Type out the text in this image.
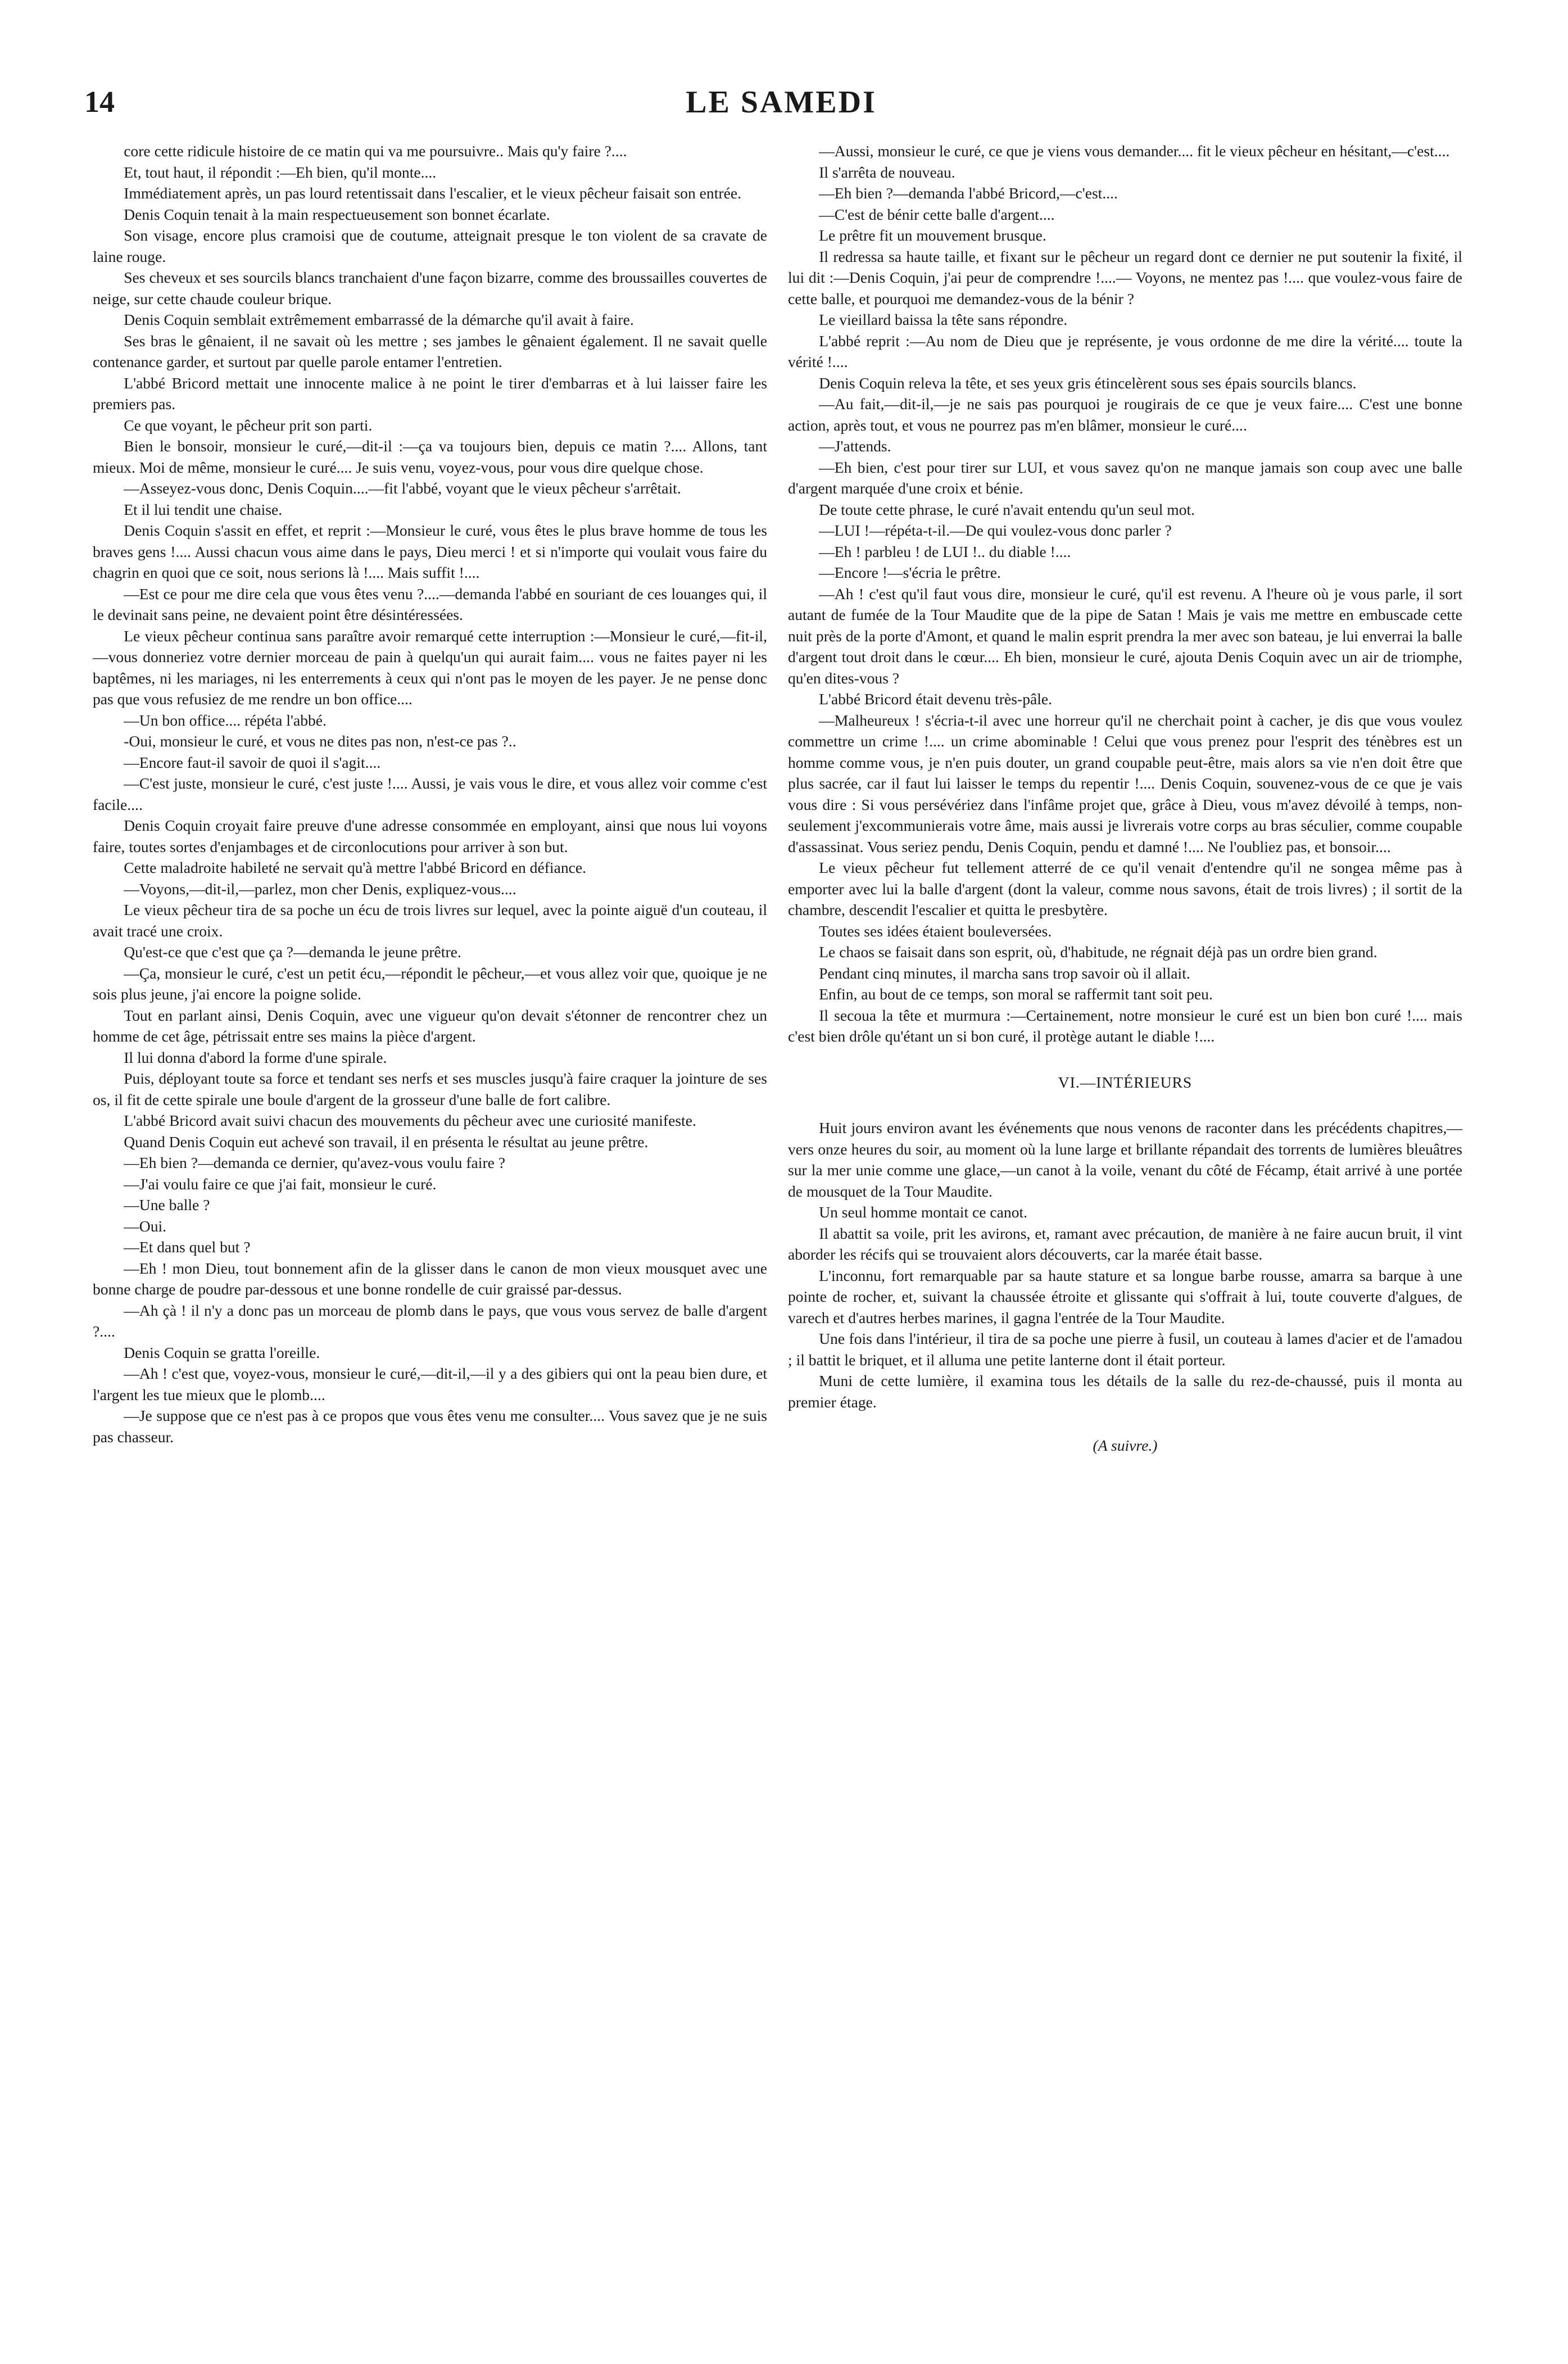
14	LE SAMEDI

core cette ridicule histoire de ce matin qui va me poursuivre.. Mais qu'y faire ?....

Et, tout haut, il répondit :—Eh bien, qu'il monte....

Immédiatement après, un pas lourd retentissait dans l'escalier, et le vieux pêcheur faisait son entrée.

Denis Coquin tenait à la main respectueusement son bonnet écarlate.

Son visage, encore plus cramoisi que de coutume, atteignait presque le ton violent de sa cravate de laine rouge.

Ses cheveux et ses sourcils blancs tranchaient d'une façon bizarre, comme des broussailles couvertes de neige, sur cette chaude couleur brique.

Denis Coquin semblait extrêmement embarrassé de la démarche qu'il avait à faire.

Ses bras le gênaient, il ne savait où les mettre ; ses jambes le gênaient également. Il ne savait quelle contenance garder, et surtout par quelle parole entamer l'entretien.

L'abbé Bricord mettait une innocente malice à ne point le tirer d'embarras et à lui laisser faire les premiers pas.

Ce que voyant, le pêcheur prit son parti.

Bien le bonsoir, monsieur le curé,—dit-il :—ça va toujours bien, depuis ce matin ?.... Allons, tant mieux. Moi de même, monsieur le curé.... Je suis venu, voyez-vous, pour vous dire quelque chose.

—Asseyez-vous donc, Denis Coquin....—fit l'abbé, voyant que le vieux pêcheur s'arrêtait.

Et il lui tendit une chaise.

Denis Coquin s'assit en effet, et reprit :—Monsieur le curé, vous êtes le plus brave homme de tous les braves gens !.... Aussi chacun vous aime dans le pays, Dieu merci ! et si n'importe qui voulait vous faire du chagrin en quoi que ce soit, nous serions là !.... Mais suffit !....

—Est ce pour me dire cela que vous êtes venu ?....—demanda l'abbé en souriant de ces louanges qui, il le devinait sans peine, ne devaient point être désintéressées.

Le vieux pêcheur continua sans paraître avoir remarqué cette interruption :—Monsieur le curé,—fit-il,—vous donneriez votre dernier morceau de pain à quelqu'un qui aurait faim.... vous ne faites payer ni les baptêmes, ni les mariages, ni les enterrements à ceux qui n'ont pas le moyen de les payer. Je ne pense donc pas que vous refusiez de me rendre un bon office....

—Un bon office.... répéta l'abbé.

-Oui, monsieur le curé, et vous ne dites pas non, n'est-ce pas ?..

—Encore faut-il savoir de quoi il s'agit....

—C'est juste, monsieur le curé, c'est juste !.... Aussi, je vais vous le dire, et vous allez voir comme c'est facile....

Denis Coquin croyait faire preuve d'une adresse consommée en employant, ainsi que nous lui voyons faire, toutes sortes d'enjambages et de circonlocutions pour arriver à son but.

Cette maladroite habileté ne servait qu'à mettre l'abbé Bricord en défiance.

—Voyons,—dit-il,—parlez, mon cher Denis, expliquez-vous....

Le vieux pêcheur tira de sa poche un écu de trois livres sur lequel, avec la pointe aiguë d'un couteau, il avait tracé une croix.

Qu'est-ce que c'est que ça ?—demanda le jeune prêtre.

—Ça, monsieur le curé, c'est un petit écu,—répondit le pêcheur,—et vous allez voir que, quoique je ne sois plus jeune, j'ai encore la poigne solide.

Tout en parlant ainsi, Denis Coquin, avec une vigueur qu'on devait s'étonner de rencontrer chez un homme de cet âge, pétrissait entre ses mains la pièce d'argent.

Il lui donna d'abord la forme d'une spirale.

Puis, déployant toute sa force et tendant ses nerfs et ses muscles jusqu'à faire craquer la jointure de ses os, il fit de cette spirale une boule d'argent de la grosseur d'une balle de fort calibre.

L'abbé Bricord avait suivi chacun des mouvements du pêcheur avec une curiosité manifeste.

Quand Denis Coquin eut achevé son travail, il en présenta le résultat au jeune prêtre.

—Eh bien ?—demanda ce dernier, qu'avez-vous voulu faire ?

—J'ai voulu faire ce que j'ai fait, monsieur le curé.

—Une balle ?

—Oui.

—Et dans quel but ?

—Eh ! mon Dieu, tout bonnement afin de la glisser dans le canon de mon vieux mousquet avec une bonne charge de poudre par-dessous et une bonne rondelle de cuir graissé par-dessus.

—Ah çà ! il n'y a donc pas un morceau de plomb dans le pays, que vous vous servez de balle d'argent ?....

Denis Coquin se gratta l'oreille.

—Ah ! c'est que, voyez-vous, monsieur le curé,—dit-il,—il y a des gibiers qui ont la peau bien dure, et l'argent les tue mieux que le plomb....

—Je suppose que ce n'est pas à ce propos que vous êtes venu me consulter.... Vous savez que je ne suis pas chasseur.

—Aussi, monsieur le curé, ce que je viens vous demander.... fit le vieux pêcheur en hésitant,—c'est....

Il s'arrêta de nouveau.

—Eh bien ?—demanda l'abbé Bricord,—c'est....

—C'est de bénir cette balle d'argent....

Le prêtre fit un mouvement brusque.

Il redressa sa haute taille, et fixant sur le pêcheur un regard dont ce dernier ne put soutenir la fixité, il lui dit :—Denis Coquin, j'ai peur de comprendre !....— Voyons, ne mentez pas !.... que voulez-vous faire de cette balle, et pourquoi me demandez-vous de la bénir ?

Le vieillard baissa la tête sans répondre.

L'abbé reprit :—Au nom de Dieu que je représente, je vous ordonne de me dire la vérité.... toute la vérité !....

Denis Coquin releva la tête, et ses yeux gris étincelèrent sous ses épais sourcils blancs.

—Au fait,—dit-il,—je ne sais pas pourquoi je rougirais de ce que je veux faire.... C'est une bonne action, après tout, et vous ne pourrez pas m'en blâmer, monsieur le curé....

—J'attends.

—Eh bien, c'est pour tirer sur LUI, et vous savez qu'on ne manque jamais son coup avec une balle d'argent marquée d'une croix et bénie.

De toute cette phrase, le curé n'avait entendu qu'un seul mot.

—LUI !—répéta-t-il.—De qui voulez-vous donc parler ?

—Eh ! parbleu ! de LUI !.. du diable !....

—Encore !—s'écria le prêtre.

—Ah ! c'est qu'il faut vous dire, monsieur le curé, qu'il est revenu. A l'heure où je vous parle, il sort autant de fumée de la Tour Maudite que de la pipe de Satan ! Mais je vais me mettre en embuscade cette nuit près de la porte d'Amont, et quand le malin esprit prendra la mer avec son bateau, je lui enverrai la balle d'argent tout droit dans le cœur.... Eh bien, monsieur le curé, ajouta Denis Coquin avec un air de triomphe, qu'en dites-vous ?

L'abbé Bricord était devenu très-pâle.

—Malheureux ! s'écria-t-il avec une horreur qu'il ne cherchait point à cacher, je dis que vous voulez commettre un crime !.... un crime abominable ! Celui que vous prenez pour l'esprit des ténèbres est un homme comme vous, je n'en puis douter, un grand coupable peut-être, mais alors sa vie n'en doit être que plus sacrée, car il faut lui laisser le temps du repentir !.... Denis Coquin, souvenez-vous de ce que je vais vous dire : Si vous persévériez dans l'infâme projet que, grâce à Dieu, vous m'avez dévoilé à temps, non-seulement j'excommunierais votre âme, mais aussi je livrerais votre corps au bras séculier, comme coupable d'assassinat. Vous seriez pendu, Denis Coquin, pendu et damné !.... Ne l'oubliez pas, et bonsoir....

Le vieux pêcheur fut tellement atterré de ce qu'il venait d'entendre qu'il ne songea même pas à emporter avec lui la balle d'argent (dont la valeur, comme nous savons, était de trois livres) ; il sortit de la chambre, descendit l'escalier et quitta le presbytère.

Toutes ses idées étaient bouleversées.

Le chaos se faisait dans son esprit, où, d'habitude, ne régnait déjà pas un ordre bien grand.

Pendant cinq minutes, il marcha sans trop savoir où il allait.

Enfin, au bout de ce temps, son moral se raffermit tant soit peu.

Il secoua la tête et murmura :—Certainement, notre monsieur le curé est un bien bon curé !.... mais c'est bien drôle qu'étant un si bon curé, il protège autant le diable !....

VI.—INTÉRIEURS

Huit jours environ avant les événements que nous venons de raconter dans les précédents chapitres,—vers onze heures du soir, au moment où la lune large et brillante répandait des torrents de lumières bleuâtres sur la mer unie comme une glace,—un canot à la voile, venant du côté de Fécamp, était arrivé à une portée de mousquet de la Tour Maudite.

Un seul homme montait ce canot.

Il abattit sa voile, prit les avirons, et, ramant avec précaution, de manière à ne faire aucun bruit, il vint aborder les récifs qui se trouvaient alors découverts, car la marée était basse.

L'inconnu, fort remarquable par sa haute stature et sa longue barbe rousse, amarra sa barque à une pointe de rocher, et, suivant la chaussée étroite et glissante qui s'offrait à lui, toute couverte d'algues, de varech et d'autres herbes marines, il gagna l'entrée de la Tour Maudite.

Une fois dans l'intérieur, il tira de sa poche une pierre à fusil, un couteau à lames d'acier et de l'amadou ; il battit le briquet, et il alluma une petite lanterne dont il était porteur.

Muni de cette lumière, il examina tous les détails de la salle du rez-de-chaussé, puis il monta au premier étage.

(A suivre.)
